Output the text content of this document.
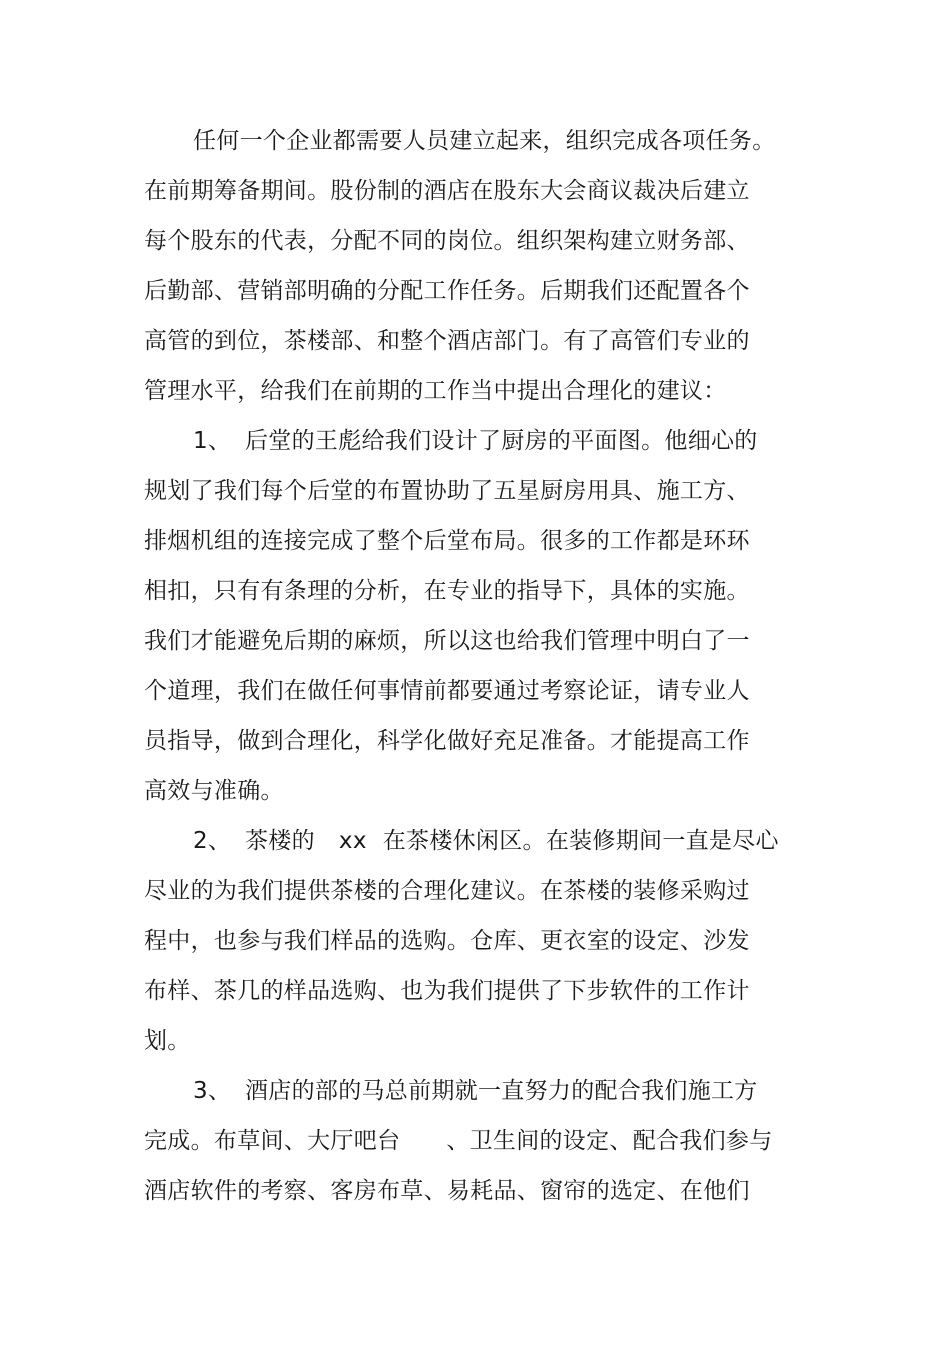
任何一个企业都需要人员建立起来，组织完成各项任务。
在前期筹备期间。股份制的酒店在股东大会商议裁决后建立
每个股东的代表，分配不同的岗位。组织架构建立财务部、
后勤部、营销部明确的分配工作任务。后期我们还配置各个
高管的到位，茶楼部、和整个酒店部门。有了高管们专业的
管理水平，给我们在前期的工作当中提出合理化的建议：
1、 后堂的王彪给我们设计了厨房的平面图。他细心的
规划了我们每个后堂的布置协助了五星厨房用具、施工方、
排烟机组的连接完成了整个后堂布局。很多的工作都是环环
相扣，只有有条理的分析，在专业的指导下，具体的实施。
我们才能避免后期的麻烦，所以这也给我们管理中明白了一
个道理，我们在做任何事情前都要通过考察论证，请专业人
员指导，做到合理化，科学化做好充足准备。才能提高工作
高效与准确。
2、 茶楼的 xx 在茶楼休闲区。在装修期间一直是尽心
尽业的为我们提供茶楼的合理化建议。在茶楼的装修采购过
程中，也参与我们样品的选购。仓库、更衣室的设定、沙发
布样、茶几的样品选购、也为我们提供了下步软件的工作计
划。
3、 酒店的部的马总前期就一直努力的配合我们施工方
完成。布草间、大厅吧台 、卫生间的设定、配合我们参与
酒店软件的考察、客房布草、易耗品、窗帘的选定、在他们
